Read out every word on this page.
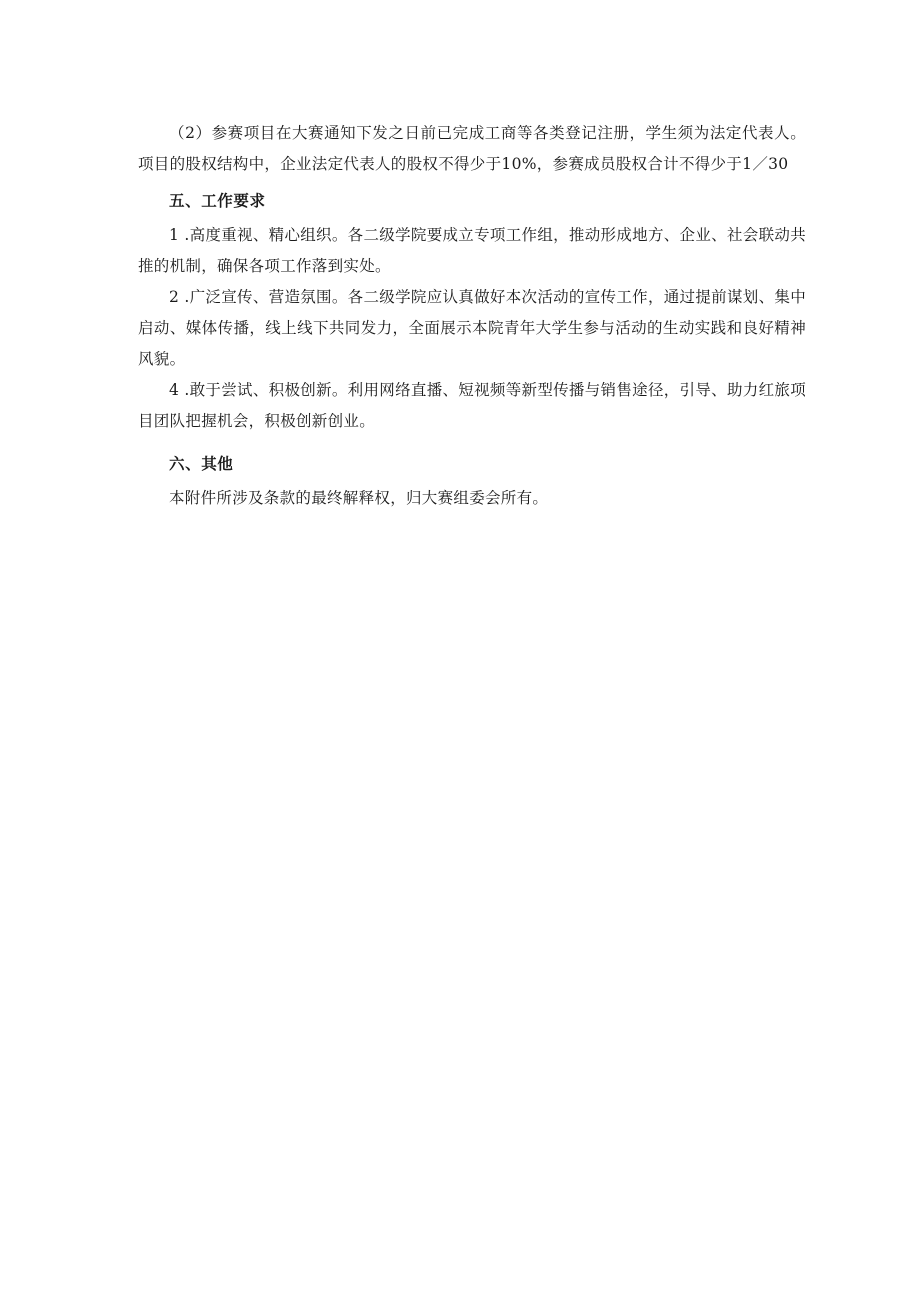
（2）参赛项目在大赛通知下发之日前已完成工商等各类登记注册，学生须为法定代表人。项目的股权结构中，企业法定代表人的股权不得少于10%，参赛成员股权合计不得少于1／30

五、工作要求

1 .高度重视、精心组织。各二级学院要成立专项工作组，推动形成地方、企业、社会联动共推的机制，确保各项工作落到实处。

2 .广泛宣传、营造氛围。各二级学院应认真做好本次活动的宣传工作，通过提前谋划、集中启动、媒体传播，线上线下共同发力，全面展示本院青年大学生参与活动的生动实践和良好精神风貌。

4 .敢于尝试、积极创新。利用网络直播、短视频等新型传播与销售途径，引导、助力红旅项目团队把握机会，积极创新创业。

六、其他

本附件所涉及条款的最终解释权，归大赛组委会所有。
